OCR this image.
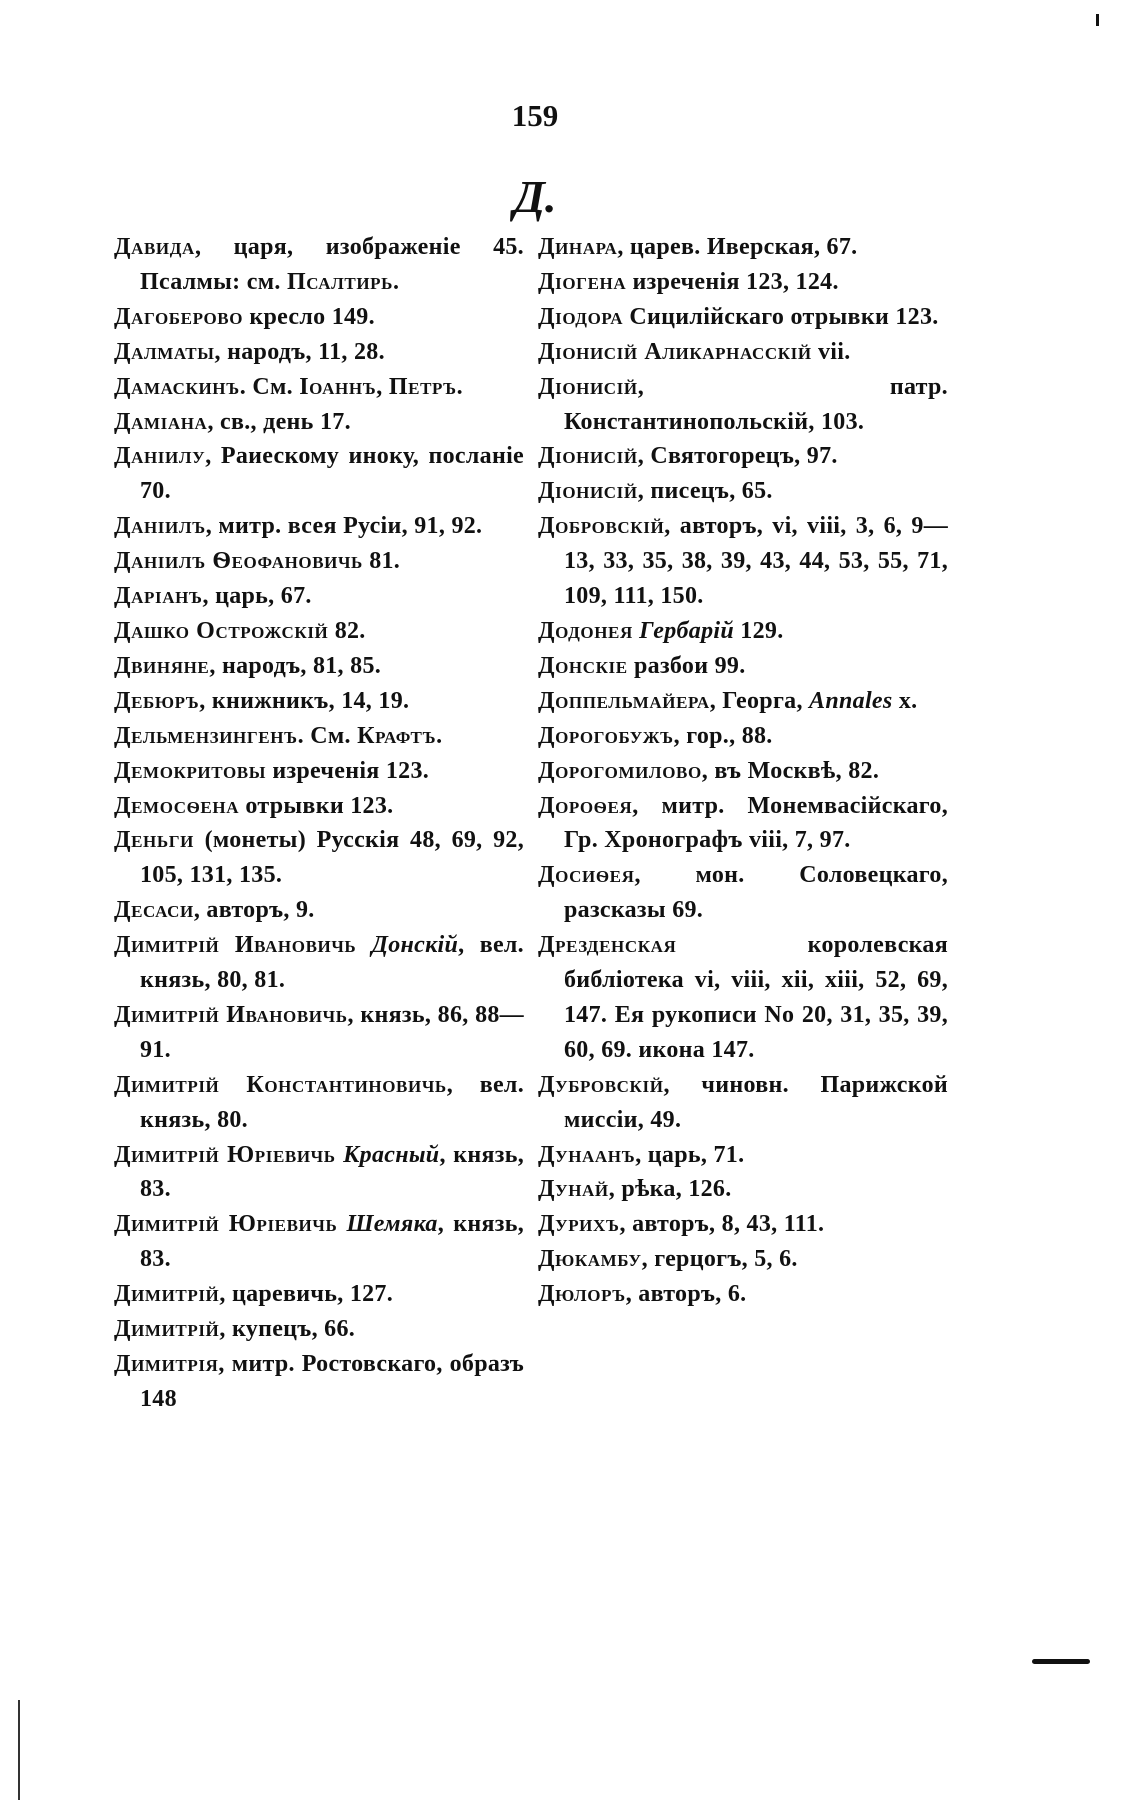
159
Д.
Давида, царя, изображеніе 45. Псалмы: см. Псалтирь.
Дагоберово кресло 149.
Далматы, народъ, 11, 28.
Дамаскинъ. См. Іоаннъ, Петръ.
Даміана, св., день 17.
Даніилу, Раиескому иноку, посланіе 70.
Даніилъ, митр. всея Русіи, 91, 92.
Даніилъ Ѳеофановичь 81.
Даріанъ, царь, 67.
Дашко Острожскій 82.
Двиняне, народъ, 81, 85.
Дебюръ, книжникъ, 14, 19.
Дельмензингенъ. См. Крафтъ.
Демокритовы изреченія 123.
Демосѳена отрывки 123.
Деньги (монеты) Русскія 48, 69, 92, 105, 131, 135.
Десаси, авторъ, 9.
Димитрій Ивановичь Донскій, вел. князь, 80, 81.
Димитрій Ивановичь, князь, 86, 88—91.
Димитрій Константиновичь, вел. князь, 80.
Димитрій Юріевичь Красный, князь, 83.
Димитрій Юріевичь Шемяка, князь, 83.
Димитрій, царевичь, 127.
Димитрій, купецъ, 66.
Димитрія, митр. Ростовскаго, образъ 148
Динара, царев. Иверская, 67.
Діогена изреченія 123, 124.
Діодора Сицилійскаго отрывки 123.
Діонисій Аликарнасскій vii.
Діонисій, патр. Константинопольскій, 103.
Діонисій, Святогорецъ, 97.
Діонисій, писецъ, 65.
Добровскій, авторъ, vi, viii, 3, 6, 9—13, 33, 35, 38, 39, 43, 44, 53, 55, 71, 109, 111, 150.
Додонея Гербарій 129.
Донскіе разбои 99.
Доппельмайера, Георга, Annales x.
Дорогобужъ, гор., 88.
Дорогомилово, въ Москвѣ, 82.
Дороѳея, митр. Монемвасійскаго, Гр. Хронографъ viii, 7, 97.
Досиѳея, мон. Соловецкаго, разсказы 69.
Дрезденская королевская библіотека vi, viii, xii, xiii, 52, 69, 147. Ея рукописи No 20, 31, 35, 39, 60, 69. икона 147.
Дубровскій, чиновн. Парижской миссіи, 49.
Дунаанъ, царь, 71.
Дунай, рѣка, 126.
Дурихъ, авторъ, 8, 43, 111.
Дюкамбу, герцогъ, 5, 6.
Дюлоръ, авторъ, 6.
